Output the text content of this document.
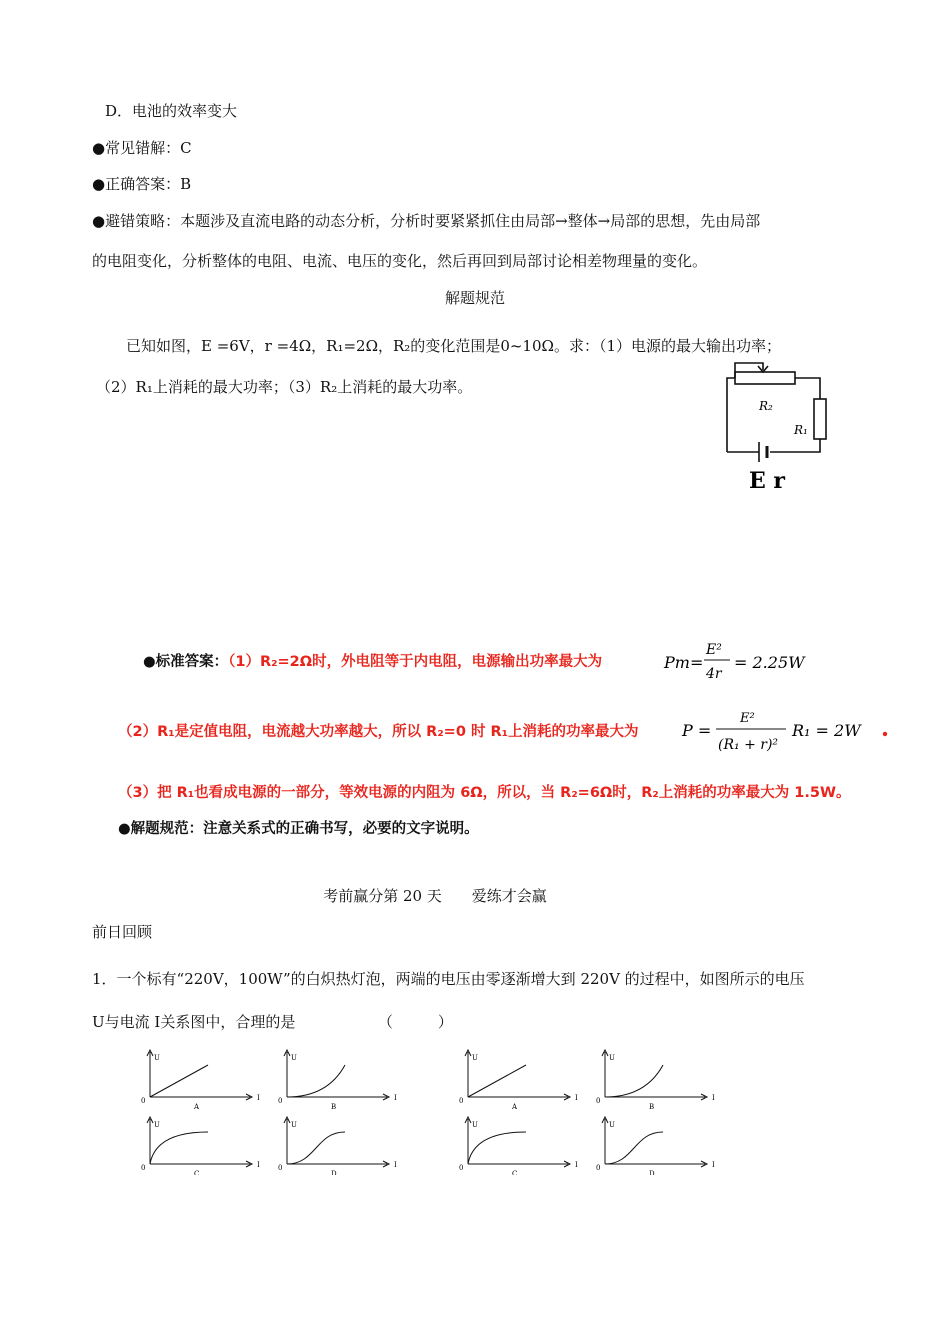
D．电池的效率变大
●常见错解：C
●正确答案：B
●避错策略：本题涉及直流电路的动态分析，分析时要紧紧抓住由局部→整体→局部的思想，先由局部
的电阻变化，分析整体的电阻、电流、电压的变化，然后再回到局部讨论相差物理量的变化。
解题规范
已知如图，E =6V，r =4Ω，R₁=2Ω，R₂的变化范围是0~10Ω。求：（1）电源的最大输出功率；
（2）R₁上消耗的最大功率；（3）R₂上消耗的最大功率。
R₂
R₁
E r
●标准答案：（1）R₂=2Ω时，外电阻等于内电阻，电源输出功率最大为	Pm =
E²
4r
= 2.25W
（2）R₁是定值电阻，电流越大功率越大，所以 R₂=0 时 R₁上消耗的功率最大为	P =
E²
(R₁ + r)²
R₁ = 2W
（3）把 R₁也看成电源的一部分，等效电源的内阻为 6Ω，所以，当 R₂=6Ω时，R₂上消耗的功率最大为 1.5W。
●解题规范：注意关系式的正确书写，必要的文字说明。
考前赢分第 20 天　　爱练才会赢
前日回顾
1．一个标有“220V，100W”的白炽热灯泡，两端的电压由零逐渐增大到 220V 的过程中，如图所示的电压
U与电流 I关系图中，合理的是　　　　　　（　　　）
U
I
0
A
U
I
0
B
U
I
0
C
U
I
0
D
U
I
0
A
U
I
0
B
U
I
0
C
U
I
0
D
